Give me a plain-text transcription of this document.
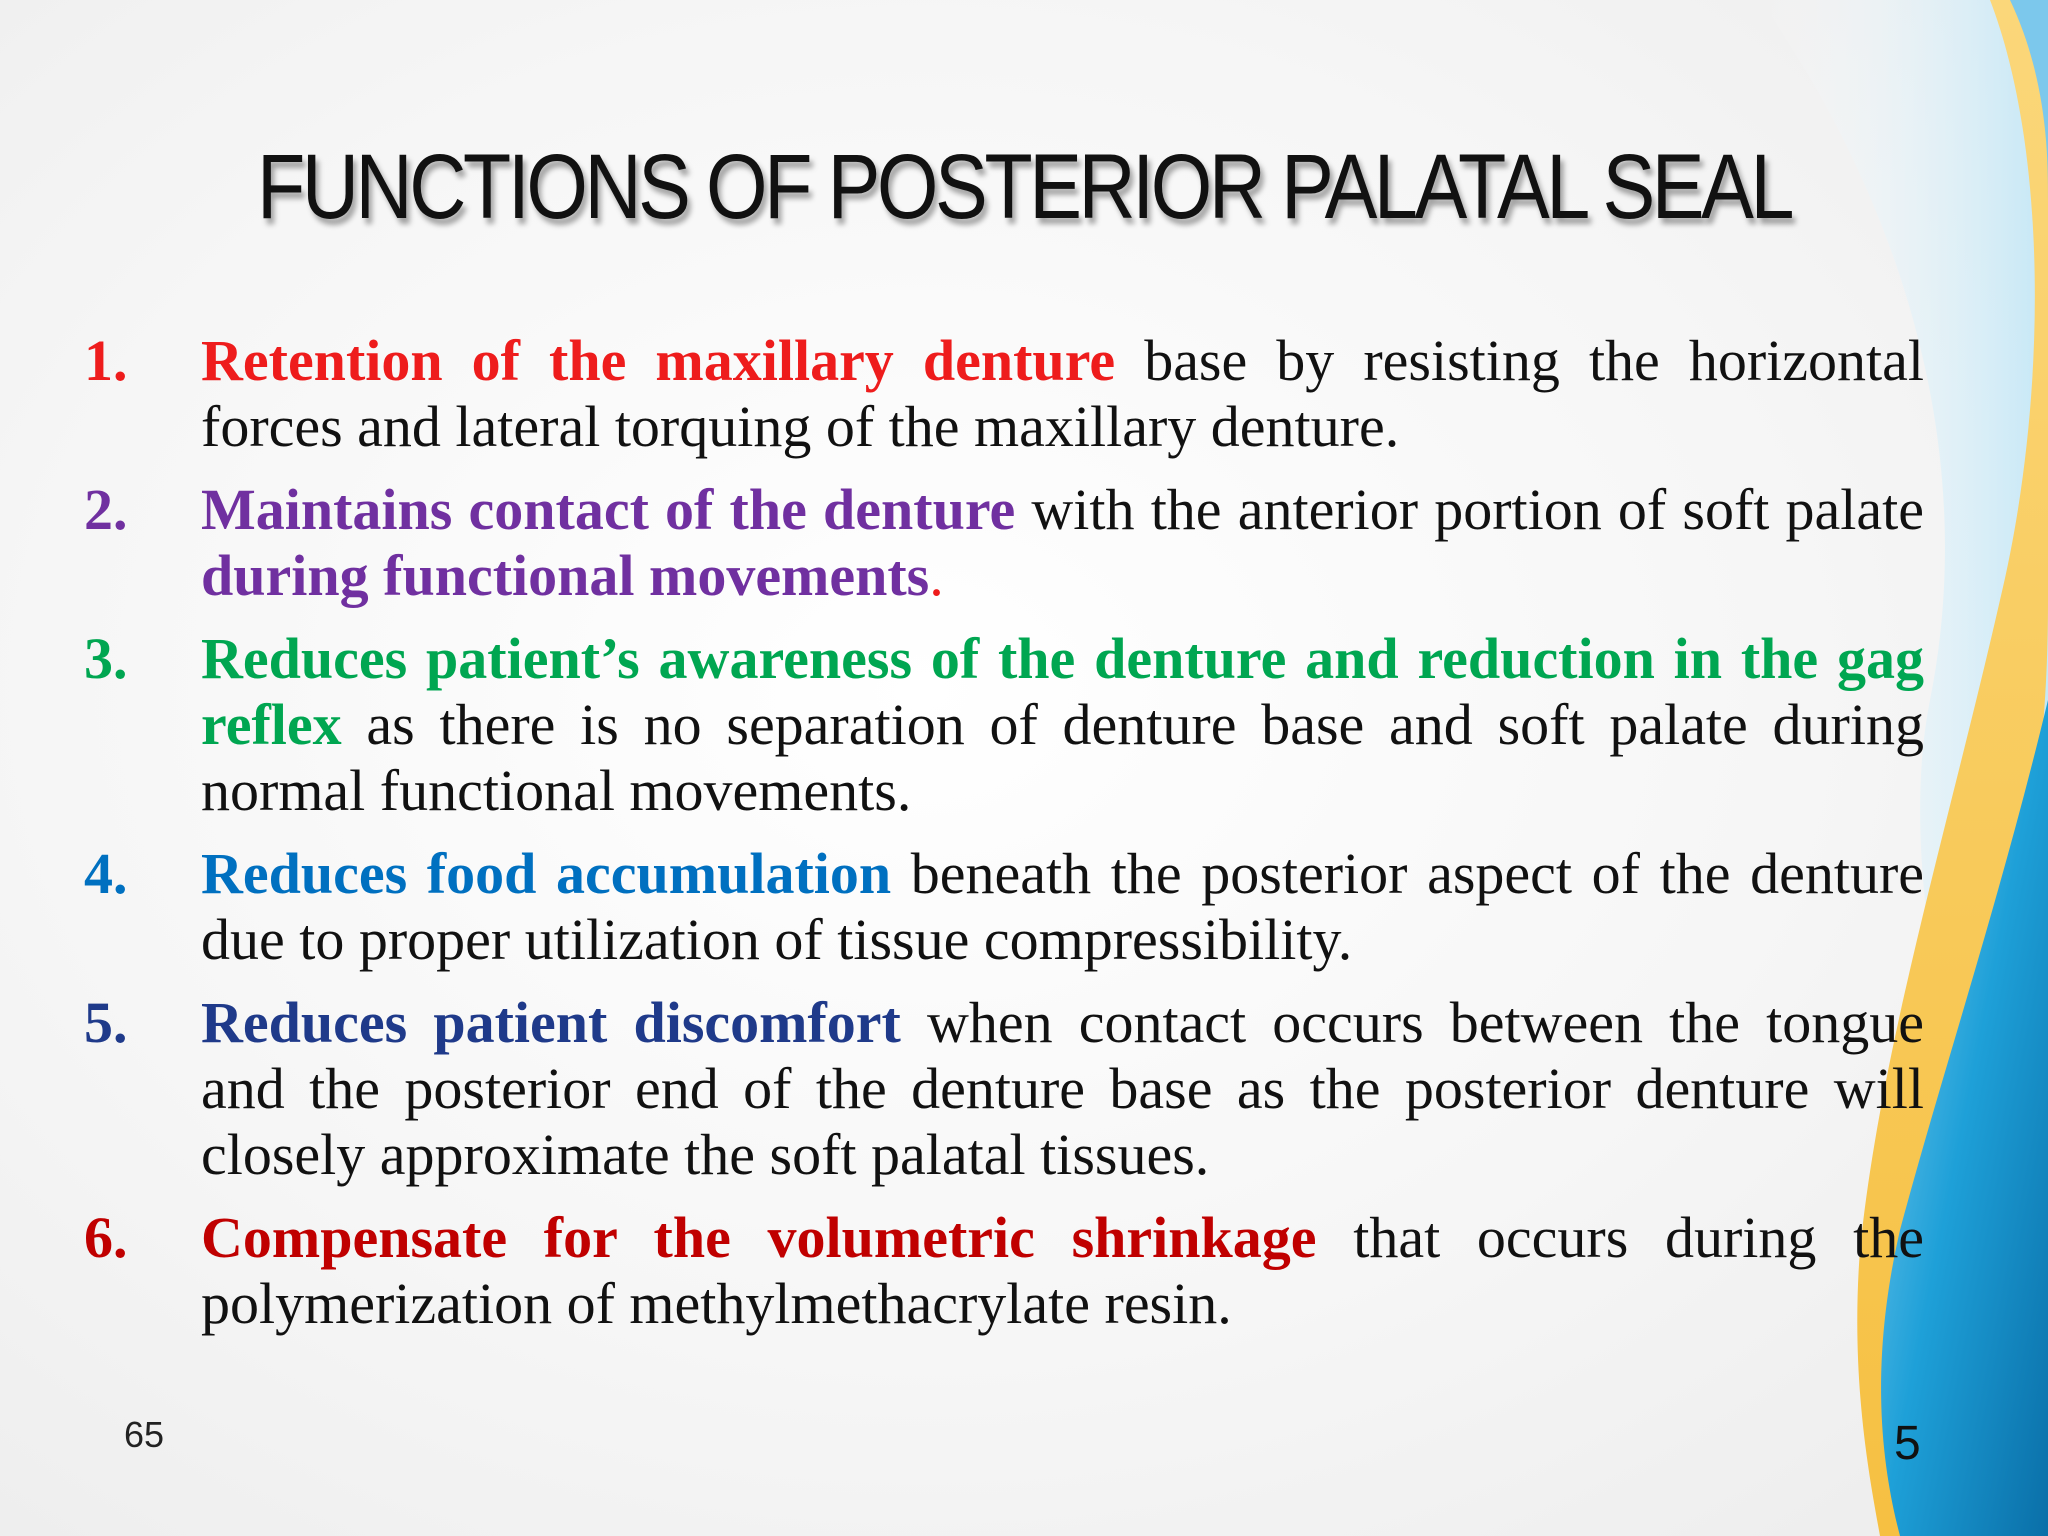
FUNCTIONS OF POSTERIOR PALATAL SEAL
1.	Retention of the maxillary denture base by resisting the horizontal forces and lateral torquing of the maxillary denture.
2.	Maintains contact of the denture with the anterior portion of soft palate during functional movements.
3.	Reduces patient’s awareness of the denture and reduction in the gag reflex as there is no separation of denture base and soft palate during normal functional movements.
4.	Reduces food accumulation beneath the posterior aspect of the denture due to proper utilization of tissue compressibility.
5.	Reduces patient discomfort when contact occurs between the tongue and the posterior end of the denture base as the posterior denture will closely approximate the soft palatal tissues.
6.	Compensate for the volumetric shrinkage that occurs during the polymerization of methylmethacrylate resin.
65	5
